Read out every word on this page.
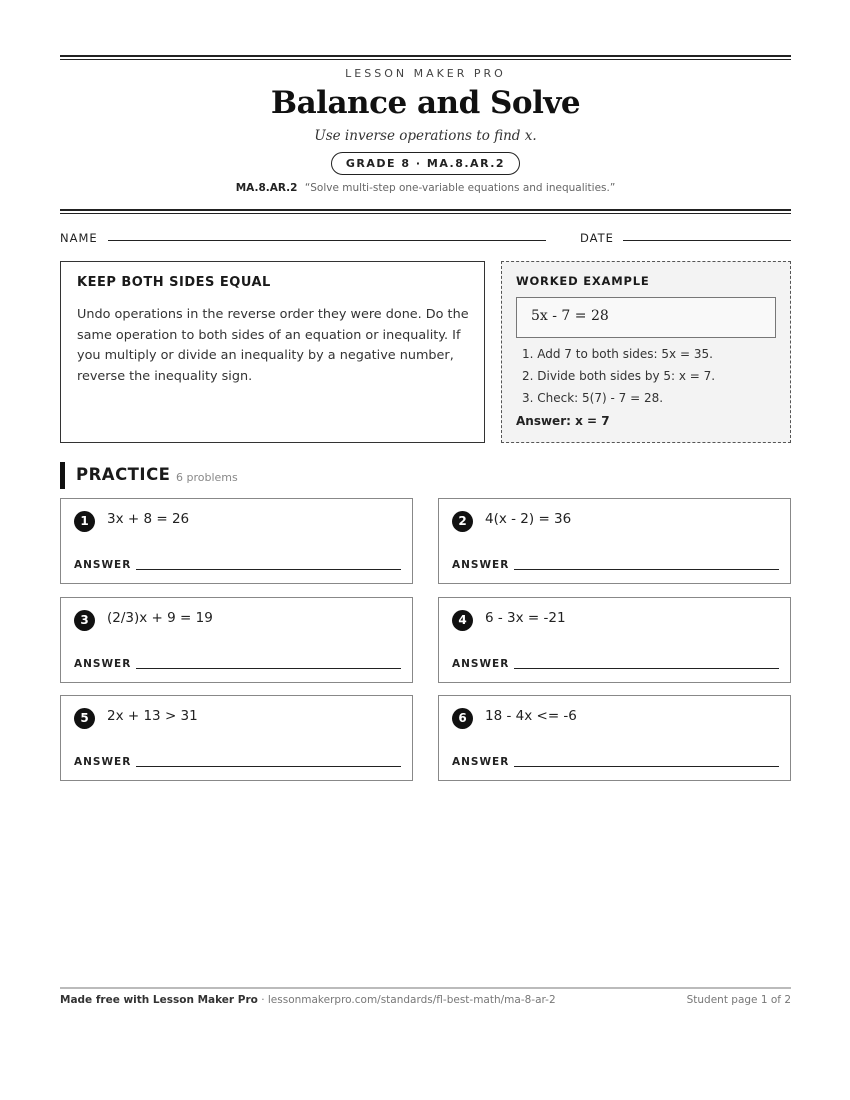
LESSON MAKER PRO
Balance and Solve
Use inverse operations to find x.
GRADE 8 · MA.8.AR.2
MA.8.AR.2 “Solve multi-step one-variable equations and inequalities.”
NAME	DATE
KEEP BOTH SIDES EQUAL
Undo operations in the reverse order they were done. Do the same operation to both sides of an equation or inequality. If you multiply or divide an inequality by a negative number, reverse the inequality sign.
WORKED EXAMPLE
5x - 7 = 28
1. Add 7 to both sides: 5x = 35.
2. Divide both sides by 5: x = 7.
3. Check: 5(7) - 7 = 28.
Answer: x = 7
PRACTICE 6 problems
1	3x + 8 = 26
ANSWER
2	4(x - 2) = 36
ANSWER
3	(2/3)x + 9 = 19
ANSWER
4	6 - 3x = -21
ANSWER
5	2x + 13 > 31
ANSWER
6	18 - 4x <= -6
ANSWER
Made free with Lesson Maker Pro · lessonmakerpro.com/standards/fl-best-math/ma-8-ar-2	Student page 1 of 2
